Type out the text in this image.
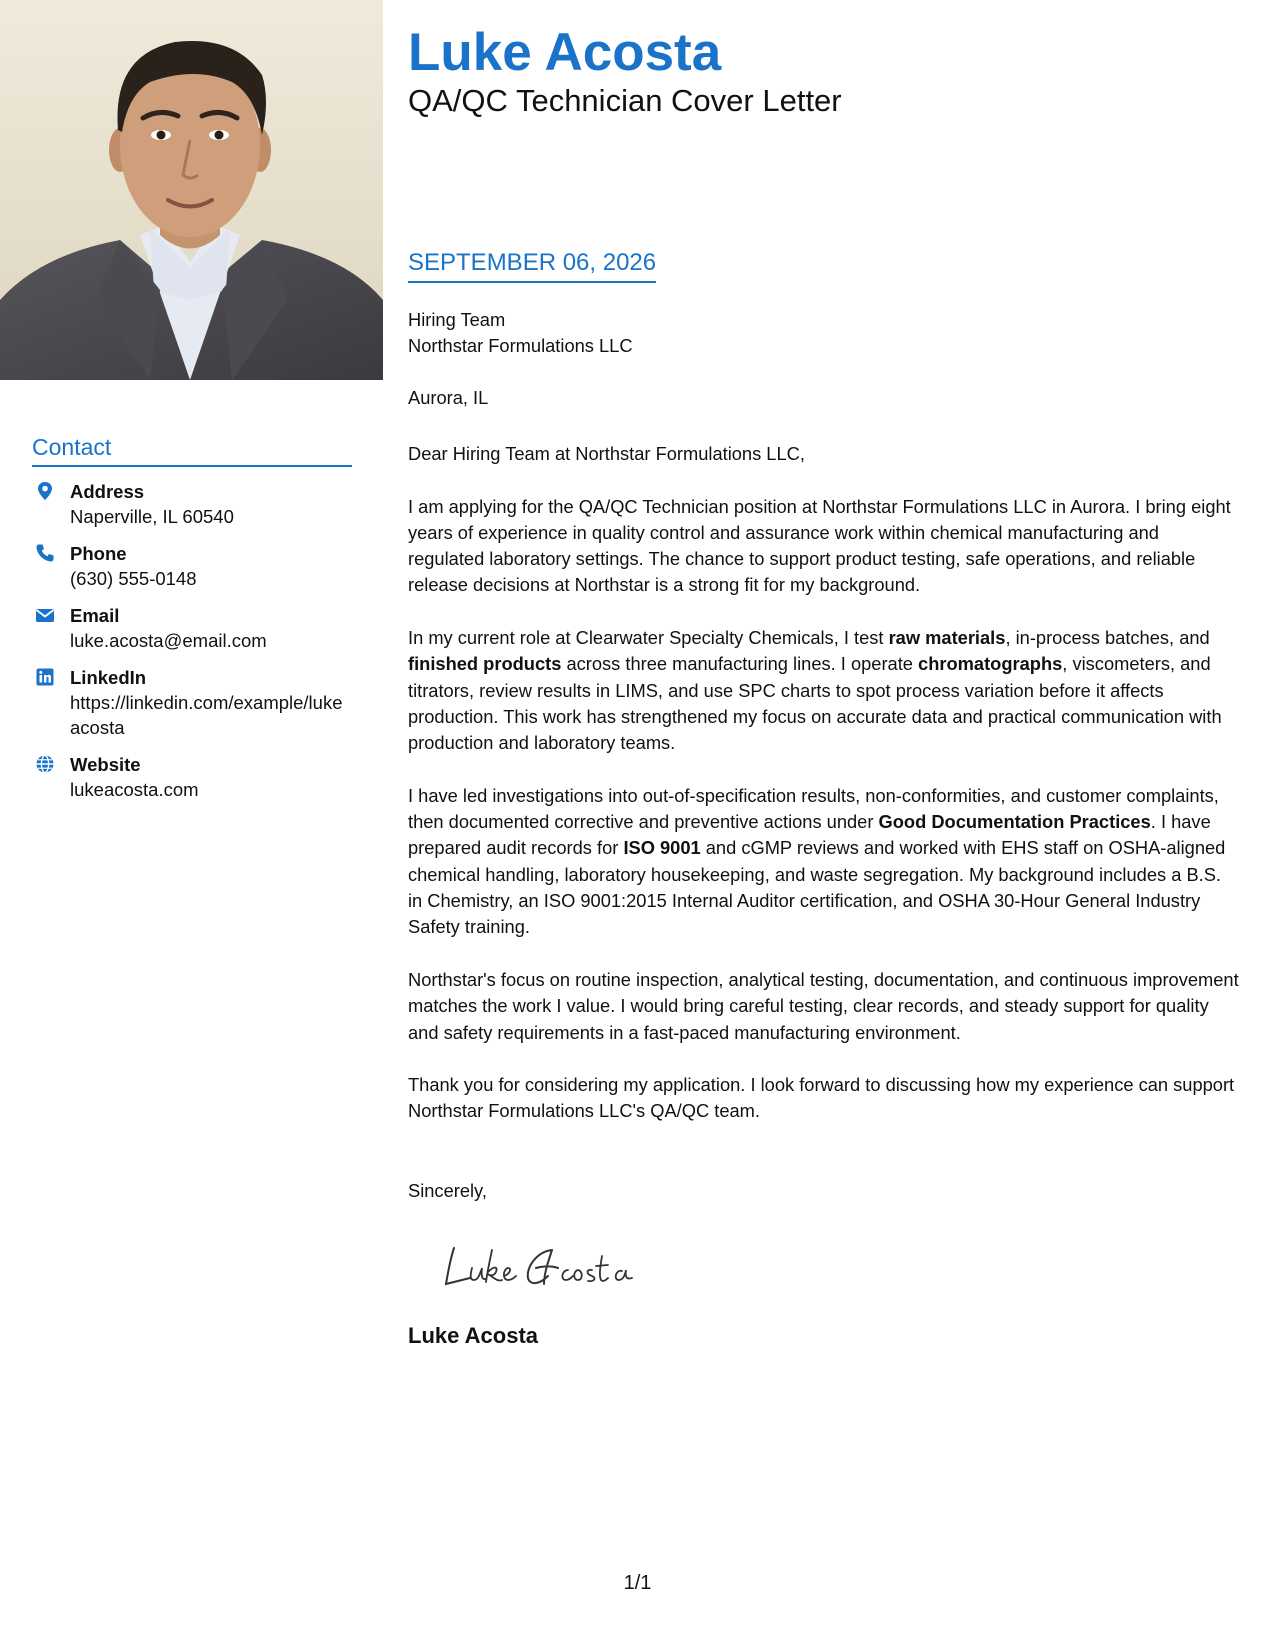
Contact
Address
Naperville, IL 60540
Phone
(630) 555-0148
Email
luke.acosta@email.com
LinkedIn
https://linkedin.com/example/lukeacosta
Website
lukeacosta.com
Luke Acosta
QA/QC Technician Cover Letter
SEPTEMBER 06, 2026
Hiring Team
Northstar Formulations LLC
Aurora, IL

Dear Hiring Team at Northstar Formulations LLC,

I am applying for the QA/QC Technician position at Northstar Formulations LLC in Aurora. I bring eight years of experience in quality control and assurance work within chemical manufacturing and regulated laboratory settings. The chance to support product testing, safe operations, and reliable release decisions at Northstar is a strong fit for my background.

In my current role at Clearwater Specialty Chemicals, I test raw materials, in-process batches, and finished products across three manufacturing lines. I operate chromatographs, viscometers, and titrators, review results in LIMS, and use SPC charts to spot process variation before it affects production. This work has strengthened my focus on accurate data and practical communication with production and laboratory teams.

I have led investigations into out-of-specification results, non-conformities, and customer complaints, then documented corrective and preventive actions under Good Documentation Practices. I have prepared audit records for ISO 9001 and cGMP reviews and worked with EHS staff on OSHA-aligned chemical handling, laboratory housekeeping, and waste segregation. My background includes a B.S. in Chemistry, an ISO 9001:2015 Internal Auditor certification, and OSHA 30-Hour General Industry Safety training.

Northstar's focus on routine inspection, analytical testing, documentation, and continuous improvement matches the work I value. I would bring careful testing, clear records, and steady support for quality and safety requirements in a fast-paced manufacturing environment.

Thank you for considering my application. I look forward to discussing how my experience can support Northstar Formulations LLC's QA/QC team.

Sincerely,
Luke Acosta
1/1
